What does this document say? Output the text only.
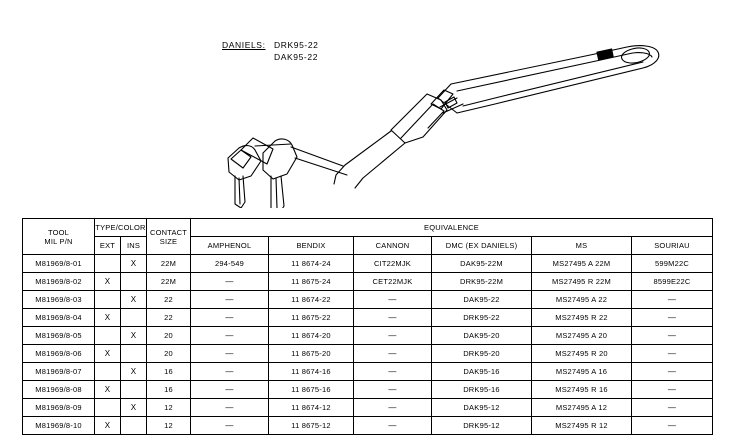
DANIELS: DRK95-22
DAK95-22
TOOL
MIL P/N
	TYPE/COLOR	CONTACT
SIZE
	EQUIVALENCE
	EXT	INS		AMPHENOL	BENDIX	CANNON	DMC (EX DANIELS)	MS	SOURIAU
M81969/8-01		X	22M	294-549	11 8674-24	CIT22MJK	DAK95-22M	MS27495 A 22M	599M22C
M81969/8-02	X		22M	—	11 8675-24	CET22MJK	DRK95-22M	MS27495 R 22M	8599E22C
M81969/8-03		X	22	—	11 8674-22	—	DAK95-22	MS27495 A 22	—
M81969/8-04	X		22	—	11 8675-22	—	DRK95-22	MS27495 R 22	—
M81969/8-05		X	20	—	11 8674-20	—	DAK95-20	MS27495 A 20	—
M81969/8-06	X		20	—	11 8675-20	—	DRK95-20	MS27495 R 20	—
M81969/8-07		X	16	—	11 8674-16	—	DAK95-16	MS27495 A 16	—
M81969/8-08	X		16	—	11 8675-16	—	DRK95-16	MS27495 R 16	—
M81969/8-09		X	12	—	11 8674-12	—	DAK95-12	MS27495 A 12	—
M81969/8-10	X		12	—	11 8675-12	—	DRK95-12	MS27495 R 12	—
